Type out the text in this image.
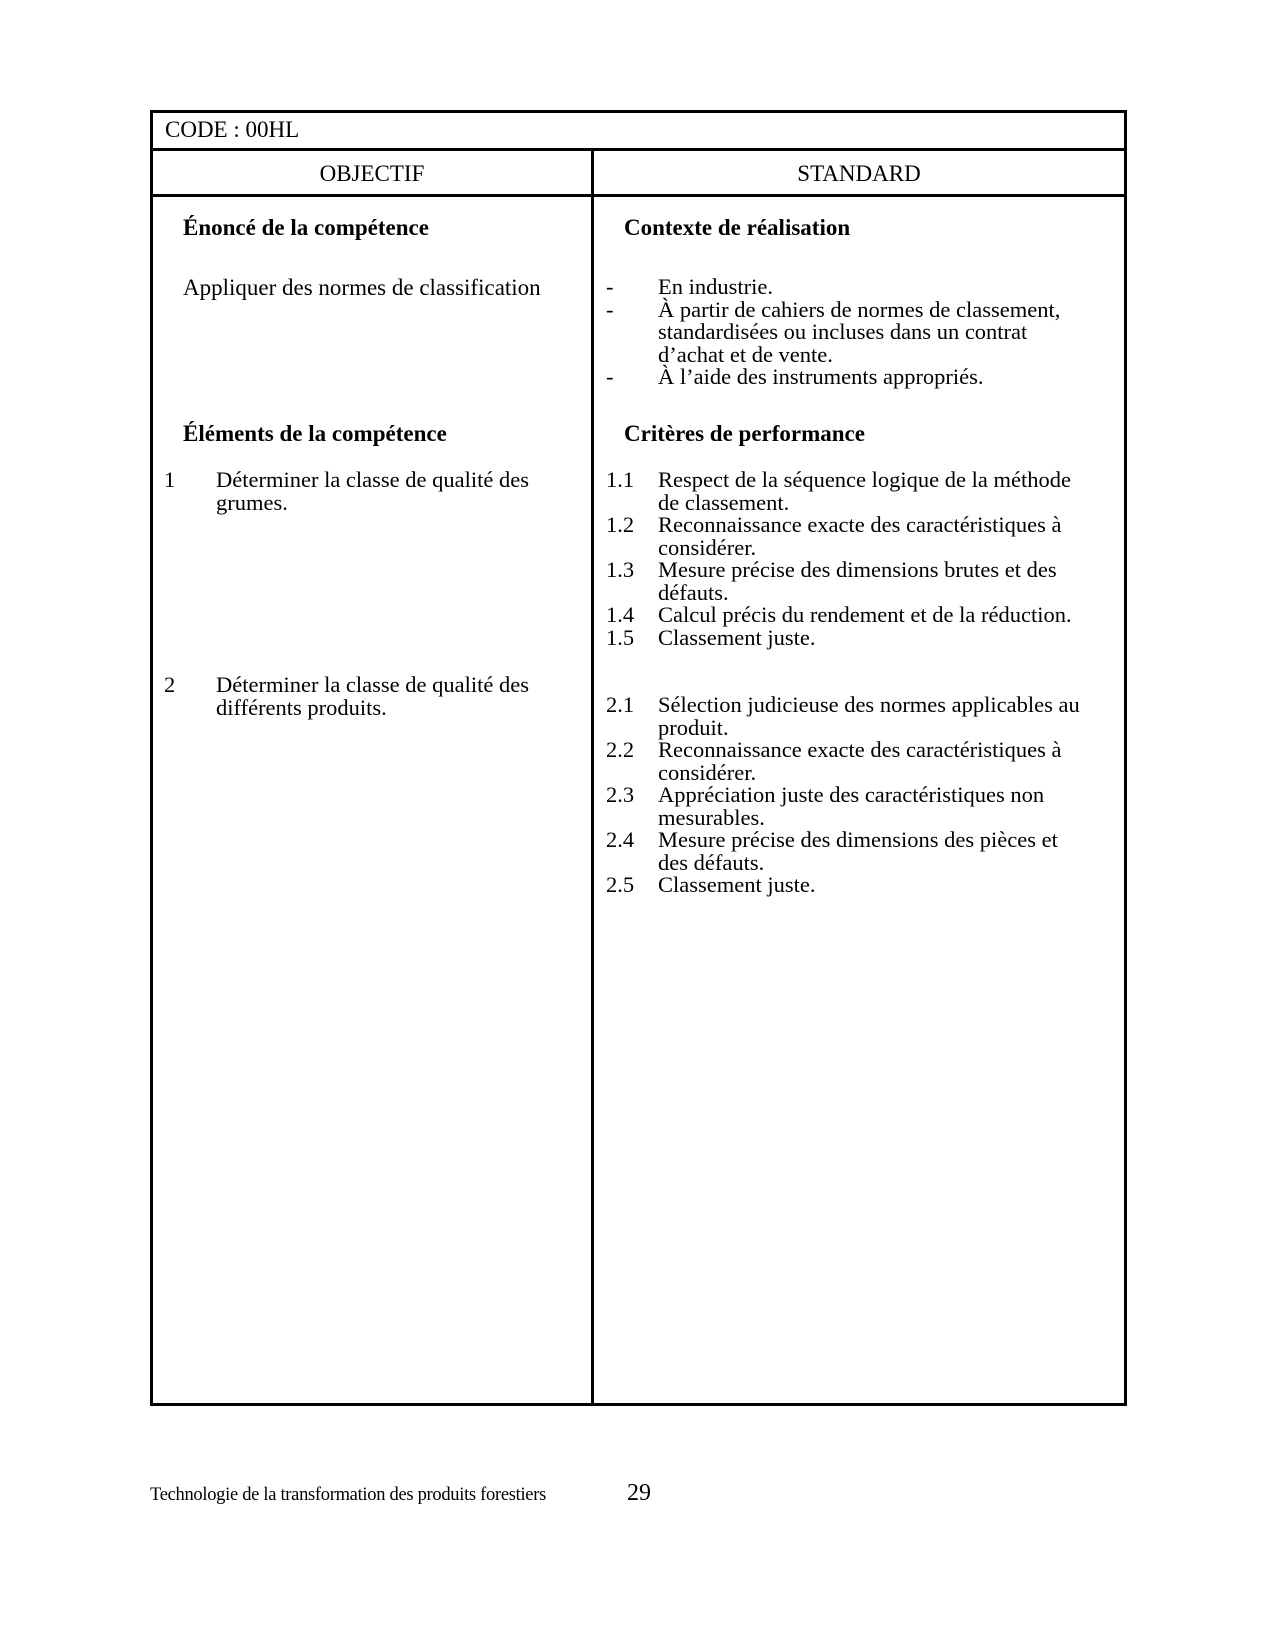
CODE : 00HL
OBJECTIF	STANDARD
Énoncé de la compétence
Appliquer des normes de classification
Éléments de la compétence
1 Déterminer la classe de qualité des
grumes.
2 Déterminer la classe de qualité des
différents produits.
Contexte de réalisation
- En industrie.
- À partir de cahiers de normes de classement,
standardisées ou incluses dans un contrat
d’achat et de vente.
- À l’aide des instruments appropriés.
Critères de performance
1.1 Respect de la séquence logique de la méthode
de classement.
1.2 Reconnaissance exacte des caractéristiques à
considérer.
1.3 Mesure précise des dimensions brutes et des
défauts.
1.4 Calcul précis du rendement et de la réduction.
1.5 Classement juste.
2.1 Sélection judicieuse des normes applicables au
produit.
2.2 Reconnaissance exacte des caractéristiques à
considérer.
2.3 Appréciation juste des caractéristiques non
mesurables.
2.4 Mesure précise des dimensions des pièces et
des défauts.
2.5 Classement juste.
Technologie de la transformation des produits forestiers	29
